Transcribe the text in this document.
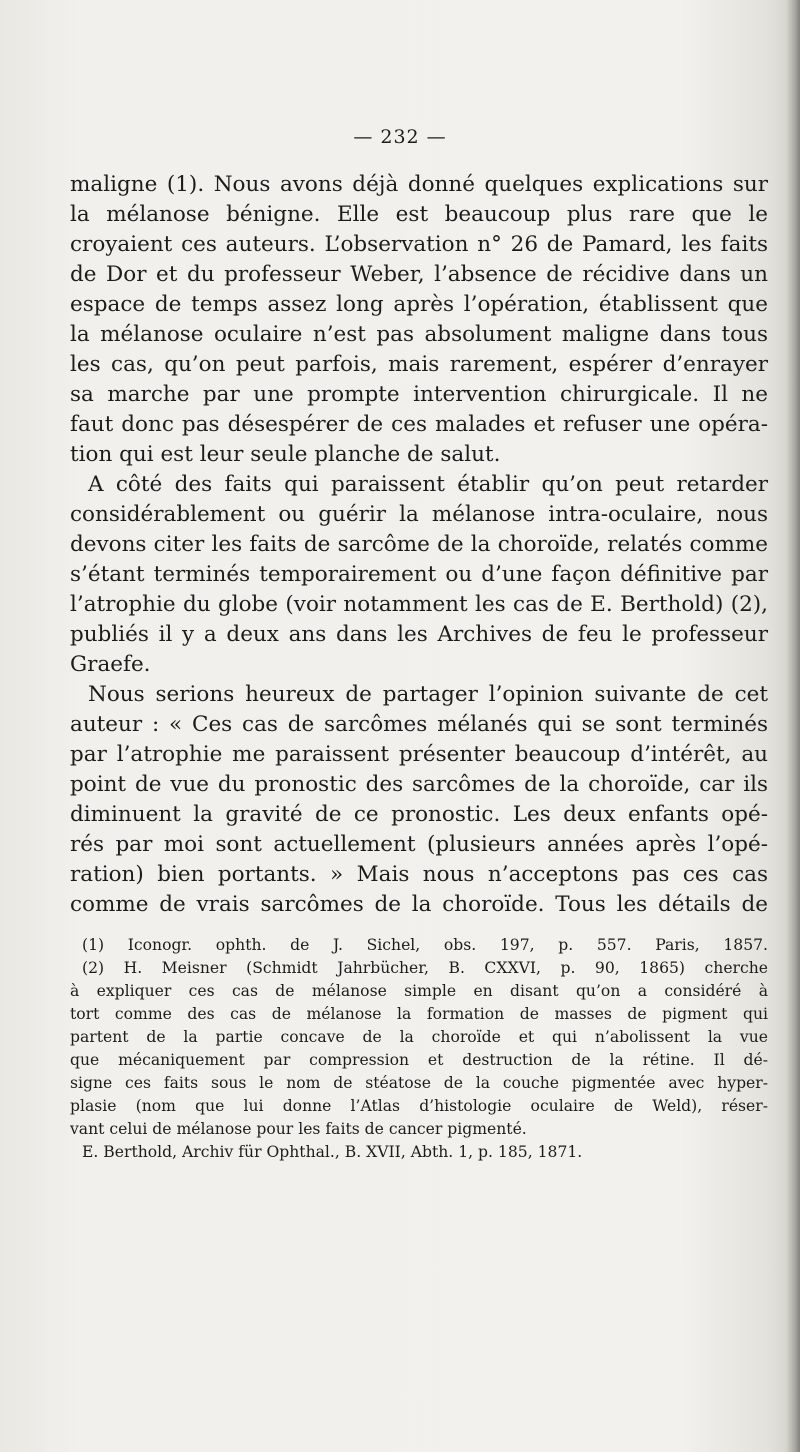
— 232 —
maligne (1). Nous avons déjà donné quelques explications sur
la mélanose bénigne. Elle est beaucoup plus rare que le
croyaient ces auteurs. L’observation n° 26 de Pamard, les faits
de Dor et du professeur Weber, l’absence de récidive dans un
espace de temps assez long après l’opération, établissent que
la mélanose oculaire n’est pas absolument maligne dans tous
les cas, qu’on peut parfois, mais rarement, espérer d’enrayer
sa marche par une prompte intervention chirurgicale. Il ne
faut donc pas désespérer de ces malades et refuser une opéra-
tion qui est leur seule planche de salut.
A côté des faits qui paraissent établir qu’on peut retarder
considérablement ou guérir la mélanose intra-oculaire, nous
devons citer les faits de sarcôme de la choroïde, relatés comme
s’étant terminés temporairement ou d’une façon définitive par
l’atrophie du globe (voir notamment les cas de E. Berthold) (2),
publiés il y a deux ans dans les Archives de feu le professeur
Graefe.
Nous serions heureux de partager l’opinion suivante de cet
auteur : « Ces cas de sarcômes mélanés qui se sont terminés
par l’atrophie me paraissent présenter beaucoup d’intérêt, au
point de vue du pronostic des sarcômes de la choroïde, car ils
diminuent la gravité de ce pronostic. Les deux enfants opé-
rés par moi sont actuellement (plusieurs années après l’opé-
ration) bien portants. » Mais nous n’acceptons pas ces cas
comme de vrais sarcômes de la choroïde. Tous les détails de
(1) Iconogr. ophth. de J. Sichel, obs. 197, p. 557. Paris, 1857.
(2) H. Meisner (Schmidt Jahrbücher, B. CXXVI, p. 90, 1865) cherche
à expliquer ces cas de mélanose simple en disant qu’on a considéré à
tort comme des cas de mélanose la formation de masses de pigment qui
partent de la partie concave de la choroïde et qui n’abolissent la vue
que mécaniquement par compression et destruction de la rétine. Il dé-
signe ces faits sous le nom de stéatose de la couche pigmentée avec hyper-
plasie (nom que lui donne l’Atlas d’histologie oculaire de Weld), réser-
vant celui de mélanose pour les faits de cancer pigmenté.
E. Berthold, Archiv für Ophthal., B. XVII, Abth. 1, p. 185, 1871.
